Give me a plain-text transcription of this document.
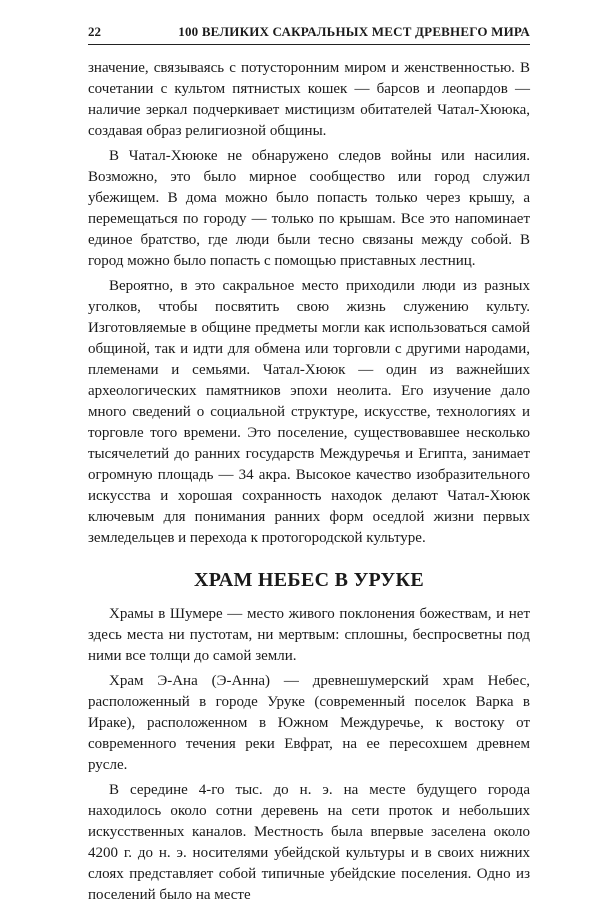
22	100 ВЕЛИКИХ САКРАЛЬНЫХ МЕСТ ДРЕВНЕГО МИРА

значение, связываясь с потусторонним миром и женственностью. В сочетании с культом пятнистых кошек — барсов и леопардов — наличие зеркал подчеркивает мистицизм обитателей Чатал-Хююка, создавая образ религиозной общины.

В Чатал-Хююке не обнаружено следов войны или насилия. Возможно, это было мирное сообщество или город служил убежищем. В дома можно было попасть только через крышу, а перемещаться по городу — только по крышам. Все это напоминает единое братство, где люди были тесно связаны между собой. В город можно было попасть с помощью приставных лестниц.

Вероятно, в это сакральное место приходили люди из разных уголков, чтобы посвятить свою жизнь служению культу. Изготовляемые в общине предметы могли как использоваться самой общиной, так и идти для обмена или торговли с другими народами, племенами и семьями. Чатал-Хююк — один из важнейших археологических памятников эпохи неолита. Его изучение дало много сведений о социальной структуре, искусстве, технологиях и торговле того времени. Это поселение, существовавшее несколько тысячелетий до ранних государств Междуречья и Египта, занимает огромную площадь — 34 акра. Высокое качество изобразительного искусства и хорошая сохранность находок делают Чатал-Хююк ключевым для понимания ранних форм оседлой жизни первых земледельцев и перехода к протогородской культуре.

ХРАМ НЕБЕС В УРУКЕ

Храмы в Шумере — место живого поклонения божествам, и нет здесь места ни пустотам, ни мертвым: сплошны, беспросветны под ними все толщи до самой земли.

Храм Э-Ана (Э-Анна) — древнешумерский храм Небес, расположенный в городе Уруке (современный поселок Варка в Ираке), расположенном в Южном Междуречье, к востоку от современного течения реки Евфрат, на ее пересохшем древнем русле.

В середине 4-го тыс. до н. э. на месте будущего города находилось около сотни деревень на сети проток и небольших искусственных каналов. Местность была впервые заселена около 4200 г. до н. э. носителями убейдской культуры и в своих нижних слоях представляет собой типичные убейдские поселения. Одно из поселений было на месте
